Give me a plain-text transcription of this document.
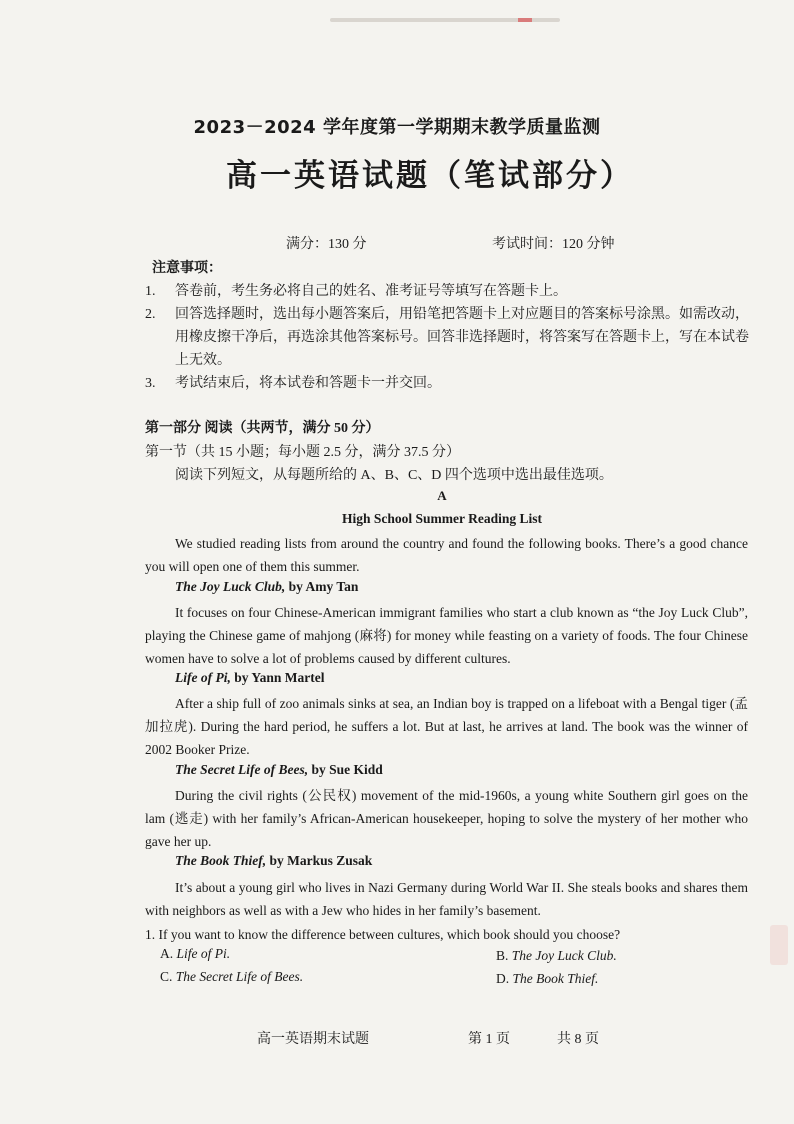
2023－2024 学年度第一学期期末教学质量监测
高一英语试题（笔试部分）
满分：130 分	考试时间：120 分钟
注意事项：
1. 答卷前，考生务必将自己的姓名、准考证号等填写在答题卡上。
2. 回答选择题时，选出每小题答案后，用铅笔把答题卡上对应题目的答案标号涂黑。如需改动，用橡皮擦干净后，再选涂其他答案标号。回答非选择题时，将答案写在答题卡上，写在本试卷上无效。
3. 考试结束后，将本试卷和答题卡一并交回。
第一部分 阅读（共两节，满分 50 分）
第一节（共 15 小题；每小题 2.5 分，满分 37.5 分）
阅读下列短文，从每题所给的 A、B、C、D 四个选项中选出最佳选项。
A
High School Summer Reading List
We studied reading lists from around the country and found the following books. There’s a good chance you will open one of them this summer.
The Joy Luck Club, by Amy Tan
It focuses on four Chinese-American immigrant families who start a club known as “the Joy Luck Club”, playing the Chinese game of mahjong (麻将) for money while feasting on a variety of foods. The four Chinese women have to solve a lot of problems caused by different cultures.
Life of Pi, by Yann Martel
After a ship full of zoo animals sinks at sea, an Indian boy is trapped on a lifeboat with a Bengal tiger (孟加拉虎). During the hard period, he suffers a lot. But at last, he arrives at land. The book was the winner of 2002 Booker Prize.
The Secret Life of Bees, by Sue Kidd
During the civil rights (公民权) movement of the mid-1960s, a young white Southern girl goes on the lam (逃走) with her family’s African-American housekeeper, hoping to solve the mystery of her mother who gave her up.
The Book Thief, by Markus Zusak
It’s about a young girl who lives in Nazi Germany during World War II. She steals books and shares them with neighbors as well as with a Jew who hides in her family’s basement.
1. If you want to know the difference between cultures, which book should you choose?
A. Life of Pi.	B. The Joy Luck Club.
C. The Secret Life of Bees.	D. The Book Thief.
高一英语期末试题	第 1 页	共 8 页
